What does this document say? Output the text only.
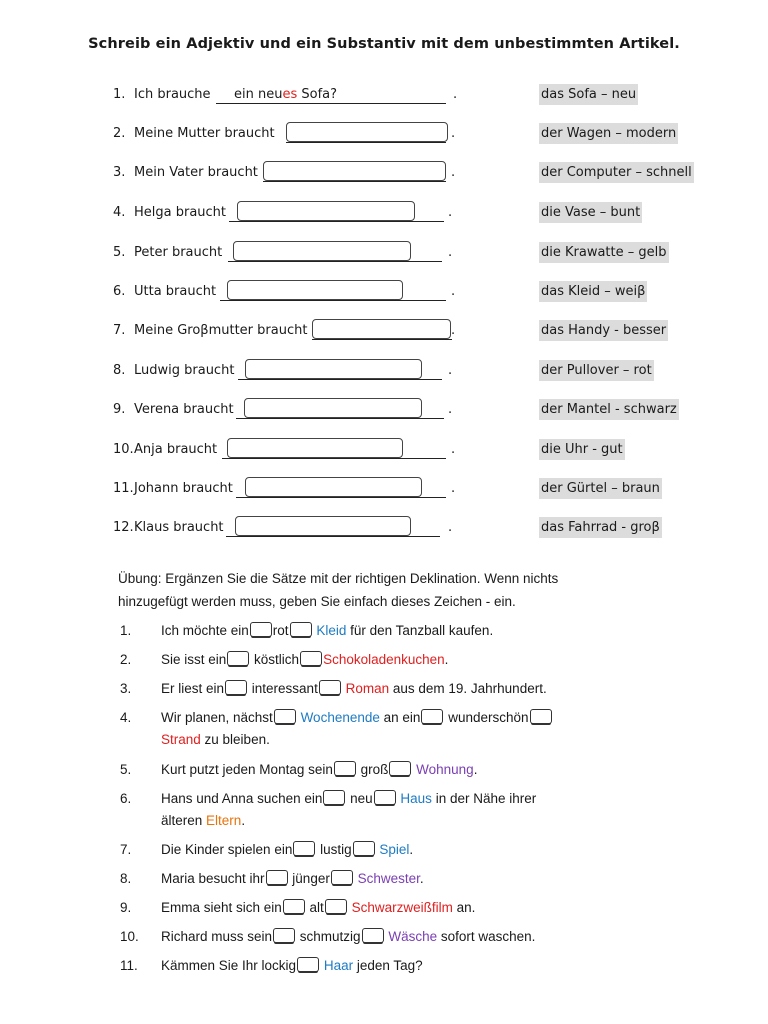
Schreib ein Adjektiv und ein Substantiv mit dem unbestimmten Artikel.
1. Ich brauche ein neues Sofa?	.	das Sofa – neu
2. Meine Mutter braucht	.	der Wagen – modern
3. Mein Vater braucht	.	der Computer – schnell
4. Helga braucht	.	die Vase – bunt
5. Peter braucht	.	die Krawatte – gelb
6. Utta braucht	.	das Kleid – weiβ
7. Meine Groβmutter braucht	.	das Handy - besser
8. Ludwig braucht	.	der Pullover – rot
9. Verena braucht	.	der Mantel - schwarz
10. Anja braucht	.	die Uhr - gut
11. Johann braucht	.	der Gürtel – braun
12. Klaus braucht	.	das Fahrrad - groβ
Übung: Ergänzen Sie die Sätze mit der richtigen Deklination. Wenn nichts
hinzugefügt werden muss, geben Sie einfach dieses Zeichen - ein.
1. Ich möchte ein rot Kleid für den Tanzball kaufen.
2. Sie isst ein köstlich Schokoladenkuchen.
3. Er liest ein interessant Roman aus dem 19. Jahrhundert.
4. Wir planen, nächst Wochenende an ein wunderschön
Strand zu bleiben.
5. Kurt putzt jeden Montag sein groß Wohnung.
6. Hans und Anna suchen ein neu Haus in der Nähe ihrer
älteren Eltern.
7. Die Kinder spielen ein lustig Spiel.
8. Maria besucht ihr jünger Schwester.
9. Emma sieht sich ein alt Schwarzweißfilm an.
10. Richard muss sein schmutzig Wäsche sofort waschen.
11. Kämmen Sie Ihr lockig Haar jeden Tag?
